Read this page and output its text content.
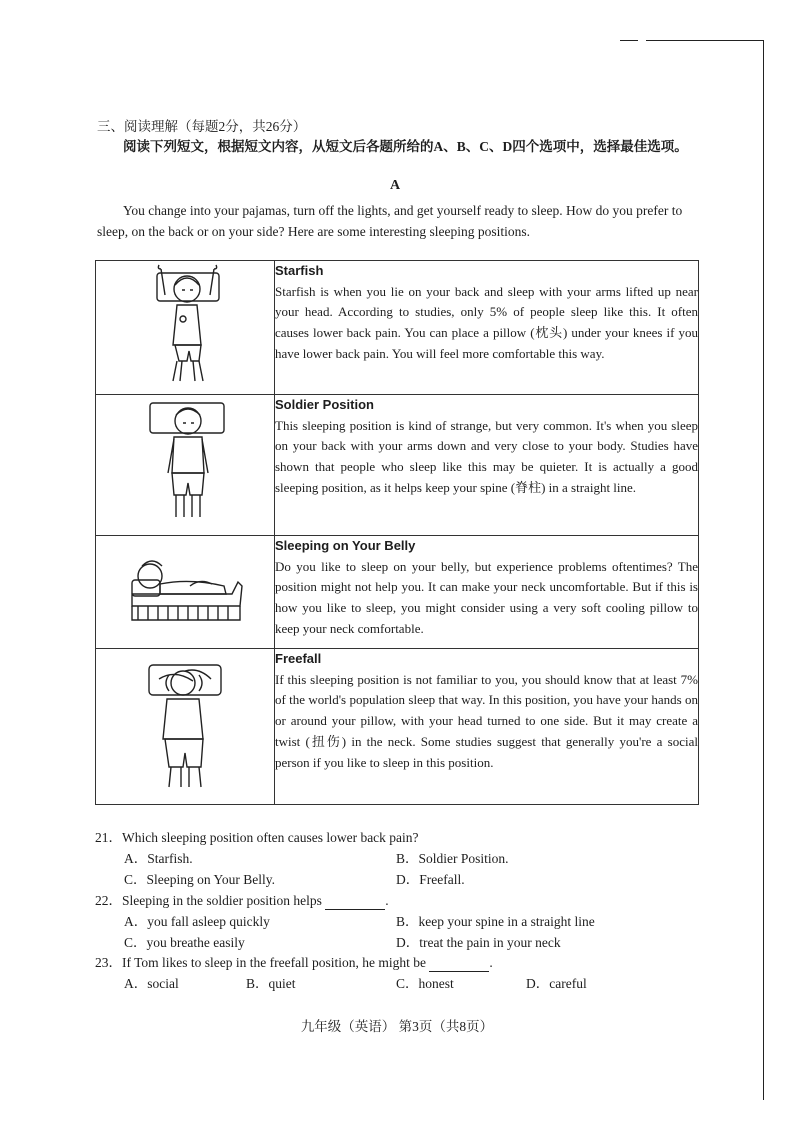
三、阅读理解（每题2分，共26分）
阅读下列短文，根据短文内容，从短文后各题所给的A、B、C、D四个选项中，选择最佳选项。
A
You change into your pajamas, turn off the lights, and get yourself ready to sleep. How do you prefer to sleep, on the back or on your side? Here are some interesting sleeping positions.

Starfish
Starfish is when you lie on your back and sleep with your arms lifted up near your head. According to studies, only 5% of people sleep like this. It often causes lower back pain. You can place a pillow (枕头) under your knees if you have lower back pain. You will feel more comfortable this way.

Soldier Position
This sleeping position is kind of strange, but very common. It's when you sleep on your back with your arms down and very close to your body. Studies have shown that people who sleep like this may be quieter. It is actually a good sleeping position, as it helps keep your spine (脊柱) in a straight line.

Sleeping on Your Belly
Do you like to sleep on your belly, but experience problems oftentimes? The position might not help you. It can make your neck uncomfortable. But if this is how you like to sleep, you might consider using a very soft cooling pillow to keep your neck comfortable.

Freefall
If this sleeping position is not familiar to you, you should know that at least 7% of the world's population sleep that way. In this position, you have your hands on or around your pillow, with your head turned to one side. But it may create a twist (扭伤) in the neck. Some studies suggest that generally you're a social person if you like to sleep in this position.
21．Which sleeping position often causes lower back pain?
A．Starfish.	B．Soldier Position.
C．Sleeping on Your Belly.	D．Freefall.
22．Sleeping in the soldier position helps	.
A．you fall asleep quickly	B．keep your spine in a straight line
C．you breathe easily	D．treat the pain in your neck
23．If Tom likes to sleep in the freefall position, he might be	.
A．social	B．quiet	C．honest	D．careful
九年级（英语） 第3页（共8页）
